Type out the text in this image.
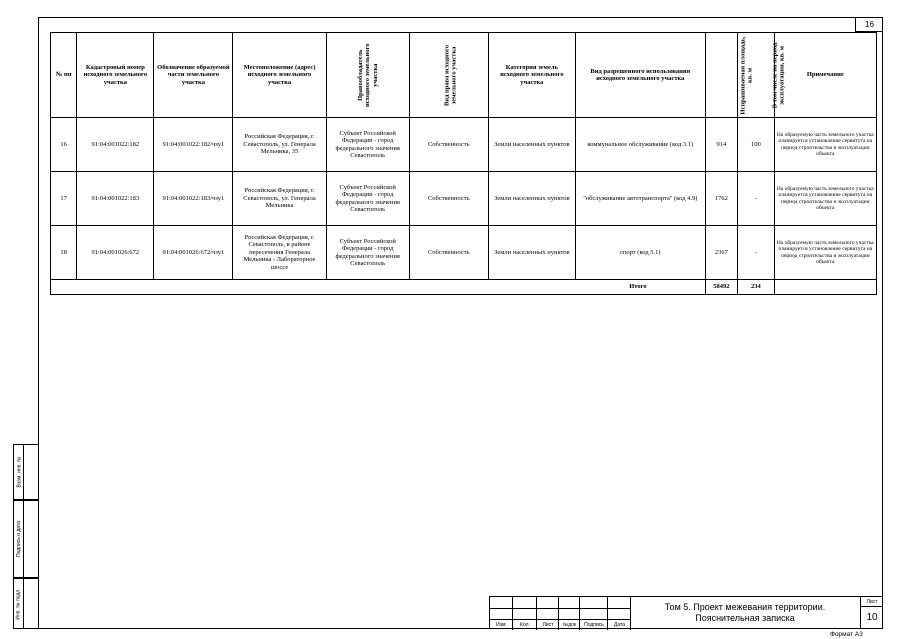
16
Взам. инв. №
Подпись и дата
Инв. № подл.
№ пп	Кадастровый номер исходного земельного участка	Обозначение образуемой части земельного участка	Местоположение (адрес) исходного земельного участка	Правообладатель исходного земельного участка	Вид права исходного земельного участка	Категория земель исходного земельного участка	Вид разрешенного использования исходного земельного участка	Испрашиваемая площадь, кв. м	В том числе на период эксплуатации, кв. м	Примечание
16	91:04:001022:182	91:04:001022:182/чзу1	Российская Федерация, г. Севастополь, ул. Генерала Мельника, 35	Субъект Российской Федерации - город федерального значения Севастополь	Собственность	Земли населенных пунктов	коммунальное обслуживание (код 3.1)	914	100	На образуемую часть земельного участка планируется установление сервитута на период строительства и эксплуатации объекта
17	91:04:001022:183	91:04:001022:183/чзу1	Российская Федерация, г. Севастополь, ул. Генерала Мельника	Субъект Российской Федерации - город федерального значения Севастополь	Собственность	Земли населенных пунктов	"обслуживание автотранспорта" (код 4.9)	1762	-	На образуемую часть земельного участка планируется установление сервитута на период строительства и эксплуатации объекта
18	91:04:001026:672	91:04:001026:672/чзу1	Российская Федерация, г. Севастополь, в районе пересечения Генерала Мельника - Лабораторное шоссе	Субъект Российской Федерации - город федерального значения Севастополь	Собственность	Земли населенных пунктов	спорт (код 5.1)	2367	-	На образуемую часть земельного участка планируется установление сервитута на период строительства и эксплуатации объекта
Итого								58492	234	
Изм.	Кол.	Лист	№док	Подпись	Дата
Том 5. Проект межевания территории.
Пояснительная записка
Лист
10
Формат А3
